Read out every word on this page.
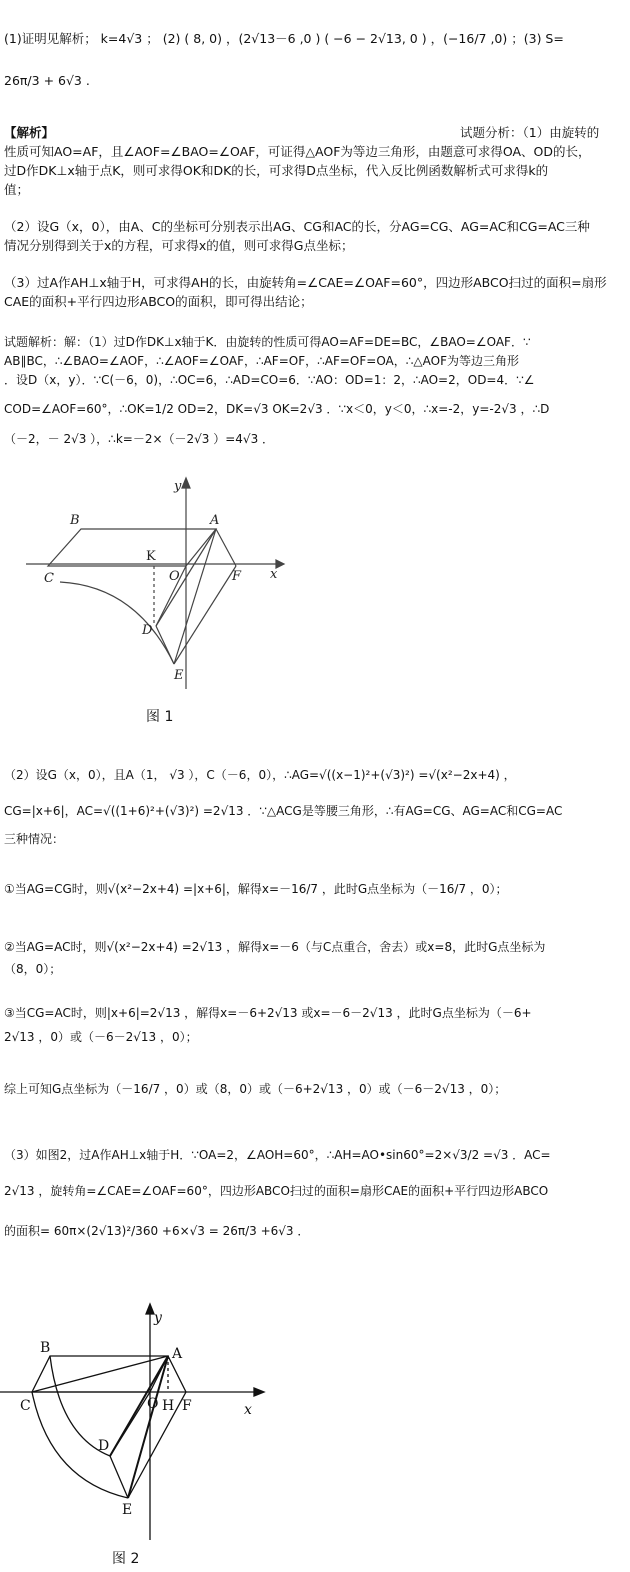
(1)证明见解析； k=4√3 ； (2) ( 8, 0) ，(2√13－6 ,0 ) ( −6 − 2√13, 0 ) ，(−16/7 ,0) ；(3) S=
26π/3 + 6√3 .
【解析】	试题分析：（1）由旋转的
性质可知AO=AF，且∠AOF=∠BAO=∠OAF，可证得△AOF为等边三角形，由题意可求得OA、OD的长，
过D作DK⊥x轴于点K，则可求得OK和DK的长，可求得D点坐标，代入反比例函数解析式可求得k的
值；
（2）设G（x，0），由A、C的坐标可分别表示出AG、CG和AC的长，分AG=CG、AG=AC和CG=AC三种
情况分别得到关于x的方程，可求得x的值，则可求得G点坐标；
（3）过A作AH⊥x轴于H，可求得AH的长，由旋转角=∠CAE=∠OAF=60°，四边形ABCO扫过的面积=扇形
CAE的面积+平行四边形ABCO的面积，即可得出结论；
试题解析：解：（1）过D作DK⊥x轴于K．由旋转的性质可得AO=AF=DE=BC，∠BAO=∠OAF．∵
AB∥BC，∴∠BAO=∠AOF，∴∠AOF=∠OAF，∴AF=OF，∴AF=OF=OA，∴△AOF为等边三角形
．设D（x，y）．∵C(－6，0)，∴OC=6，∴AD=CO=6．∵AO：OD=1：2，∴AO=2，OD=4．∵∠
COD=∠AOF=60°，∴OK=1/2 OD=2，DK=√3 OK=2√3 ．∵x＜0，y＜0，∴x=-2，y=-2√3 ，∴D
（－2，－ 2√3 ），∴k=－2×（－2√3 ）=4√3 ．
y
x
A
B
C	O	F
K
D
E
图 1
（2）设G（x，0），且A（1， √3 ），C（－6，0），∴AG=√((x−1)²+(√3)²) =√(x²−2x+4) ，
CG=|x+6|，AC=√((1+6)²+(√3)²) =2√13 ．∵△ACG是等腰三角形，∴有AG=CG、AG=AC和CG=AC
三种情况：
①当AG=CG时，则√(x²−2x+4) =|x+6|，解得x=－16/7 ，此时G点坐标为（－16/7 ，0）；
②当AG=AC时，则√(x²−2x+4) =2√13 ，解得x=－6（与C点重合，舍去）或x=8，此时G点坐标为
（8，0）；
③当CG=AC时，则|x+6|=2√13 ，解得x=－6+2√13 或x=－6－2√13 ，此时G点坐标为（－6+
2√13 ，0）或（－6－2√13 ，0）；
综上可知G点坐标为（－16/7 ，0）或（8，0）或（－6+2√13 ，0）或（－6－2√13 ，0）；
（3）如图2，过A作AH⊥x轴于H．∵OA=2，∠AOH=60°，∴AH=AO•sin60°=2×√3/2 =√3 ．AC=
2√13 ，旋转角=∠CAE=∠OAF=60°，四边形ABCO扫过的面积=扇形CAE的面积+平行四边形ABCO
的面积= 60π×(2√13)²/360 +6×√3 = 26π/3 +6√3 ．
y
x
A
B
C	O H F
D
E
图 2
